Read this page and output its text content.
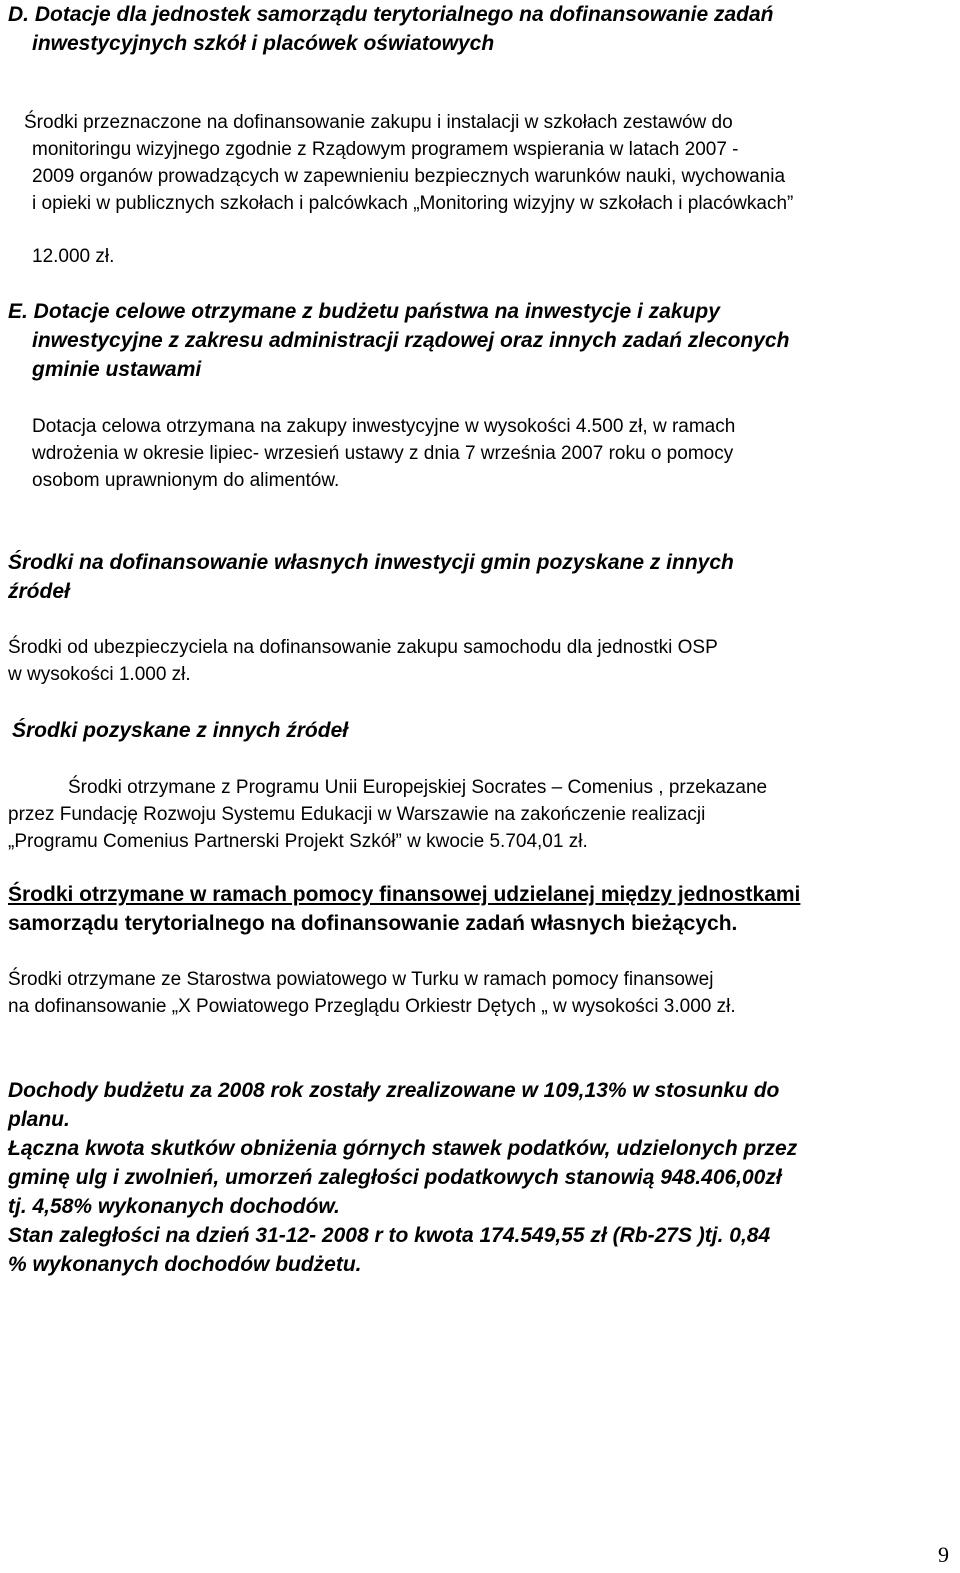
D. Dotacje dla jednostek samorządu terytorialnego na dofinansowanie zadań
inwestycyjnych szkół i placówek oświatowych
Środki przeznaczone na dofinansowanie zakupu i instalacji w szkołach zestawów do
monitoringu wizyjnego zgodnie z Rządowym programem wspierania w latach 2007 -
2009 organów prowadzących w zapewnieniu bezpiecznych warunków nauki, wychowania
i opieki w publicznych szkołach i palcówkach „Monitoring wizyjny w szkołach i placówkach”
12.000 zł.
E. Dotacje celowe otrzymane z budżetu państwa na inwestycje i zakupy
inwestycyjne z zakresu administracji rządowej oraz innych zadań zleconych
gminie ustawami
Dotacja celowa otrzymana na zakupy inwestycyjne w wysokości 4.500 zł, w ramach
wdrożenia w okresie lipiec- wrzesień ustawy z dnia 7 września 2007 roku o pomocy
osobom uprawnionym do alimentów.
Środki na dofinansowanie własnych inwestycji gmin pozyskane z innych
źródeł
Środki od ubezpieczyciela na dofinansowanie zakupu samochodu dla jednostki OSP
w wysokości 1.000 zł.
Środki pozyskane z innych źródeł
Środki otrzymane z Programu Unii Europejskiej Socrates – Comenius , przekazane
przez Fundację Rozwoju Systemu Edukacji w Warszawie na zakończenie realizacji
„Programu Comenius Partnerski Projekt Szkół” w kwocie 5.704,01 zł.
Środki otrzymane w ramach pomocy finansowej udzielanej między jednostkami
samorządu terytorialnego na dofinansowanie zadań własnych bieżących.
Środki otrzymane ze Starostwa powiatowego w Turku w ramach pomocy finansowej
na dofinansowanie „X Powiatowego Przeglądu Orkiestr Dętych „ w wysokości 3.000 zł.
Dochody budżetu za 2008 rok zostały zrealizowane w 109,13% w stosunku do
planu.
Łączna kwota skutków obniżenia górnych stawek podatków, udzielonych przez
gminę ulg i zwolnień, umorzeń zaległości podatkowych stanowią 948.406,00zł
tj. 4,58% wykonanych dochodów.
Stan zaległości na dzień 31-12- 2008 r to kwota 174.549,55 zł (Rb-27S )tj. 0,84
% wykonanych dochodów budżetu.
9
